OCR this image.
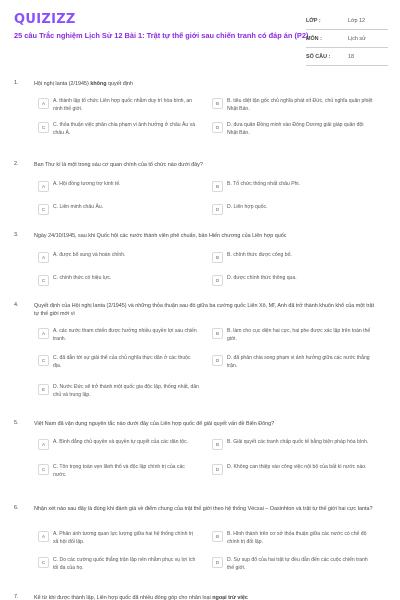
QUIZIZZ
25 câu Trắc nghiệm Lịch Sử 12 Bài 1: Trật tự thế giới sau chiến tranh có đáp án (P2)
LỚP :	Lớp 12
MÔN :	Lịch sử
SỐ CÂU :	18
1.	Hội nghị Ianta (2/1945) không quyết định
A	A. thành lập tổ chức Liên hợp quốc nhằm duy trì hòa bình, an ninh thế giới.
B	B. tiêu diệt tận gốc chủ nghĩa phát xít Đức, chủ nghĩa quân phiệt Nhật Bản.
C	C. thỏa thuận việc phân chia phạm vi ảnh hưởng ở châu Âu và châu Á.
D	D. đưa quân Đồng minh vào Đông Dương giải giáp quân đội Nhật Bản.
2.	Ban Thư kí là một trong sáu cơ quan chính của tổ chức nào dưới đây?
A	A. Hội đồng tương trợ kinh tế.	B	B. Tổ chức thống nhất châu Phi.
C	C. Liên minh châu Âu.	D	D. Liên hợp quốc.
3.	Ngày 24/10/1945, sau khi Quốc hội các nước thành viên phê chuẩn, bản Hiến chương của Liên hợp quốc
A	A. được bổ sung và hoàn chỉnh.	B	B. chính thức được công bố.
C	C. chính thức có hiệu lực.	D	D. được chính thức thông qua.
4.	Quyết định của Hội nghị Ianta (2/1945) và những thỏa thuận sau đó giữa ba cường quốc Liên Xô, Mĩ, Anh đã trở thành khuôn khổ của một trật tự thế giới mới vì
A	A. các nước tham chiến được hưởng nhiều quyền lợi sau chiến tranh.
B	B. làm cho cục diện hai cực, hai phe được xác lập trên toàn thế giới.
C	C. đã dẫn tới sự giải thể của chủ nghĩa thực dân ở các thuộc địa.
D	D. đã phân chia song phạm vi ảnh hưởng giữa các nước thắng trận.
E	D. Nước Đức sẽ trở thành một quốc gia độc lập, thống nhất, dân chủ và trung lập.
5.	Việt Nam đã vận dụng nguyên tắc nào dưới đây của Liên hợp quốc để giải quyết vấn đề Biển Đông?
A	A. Bình đẳng chủ quyền và quyền tự quyết của các dân tộc.	B	B. Giải quyết các tranh chấp quốc tế bằng biện pháp hòa bình.
C	C. Tôn trọng toàn vẹn lãnh thổ và độc lập chính trị của các nước.
D	D. Không can thiệp vào công việc nội bộ của bất kì nước nào.
6.	Nhận xét nào sau đây là đúng khi đánh giá về điểm chung của trật thế giới theo hệ thống Vécxai – Oasinhton và trật tự thế giới hai cực Ianta?
A	A. Phản ánh tương quan lực lượng giữa hai hệ thống chính trị xã hội đối lập.
B	B. Hình thành trên cơ sở thỏa thuận giữa các nước có chế độ chính trị đối lập.
C	C. Do các cường quốc thắng trận lập nên nhằm phục vụ lợi ích tối đa của họ.
D	D. Sự sụp đổ của hai trật tự đều dẫn đến các cuộc chiến tranh thế giới.
7.	Kể từ khi được thành lập, Liên hợp quốc đã nhiều đóng góp cho nhân loại ngoại trừ việc
